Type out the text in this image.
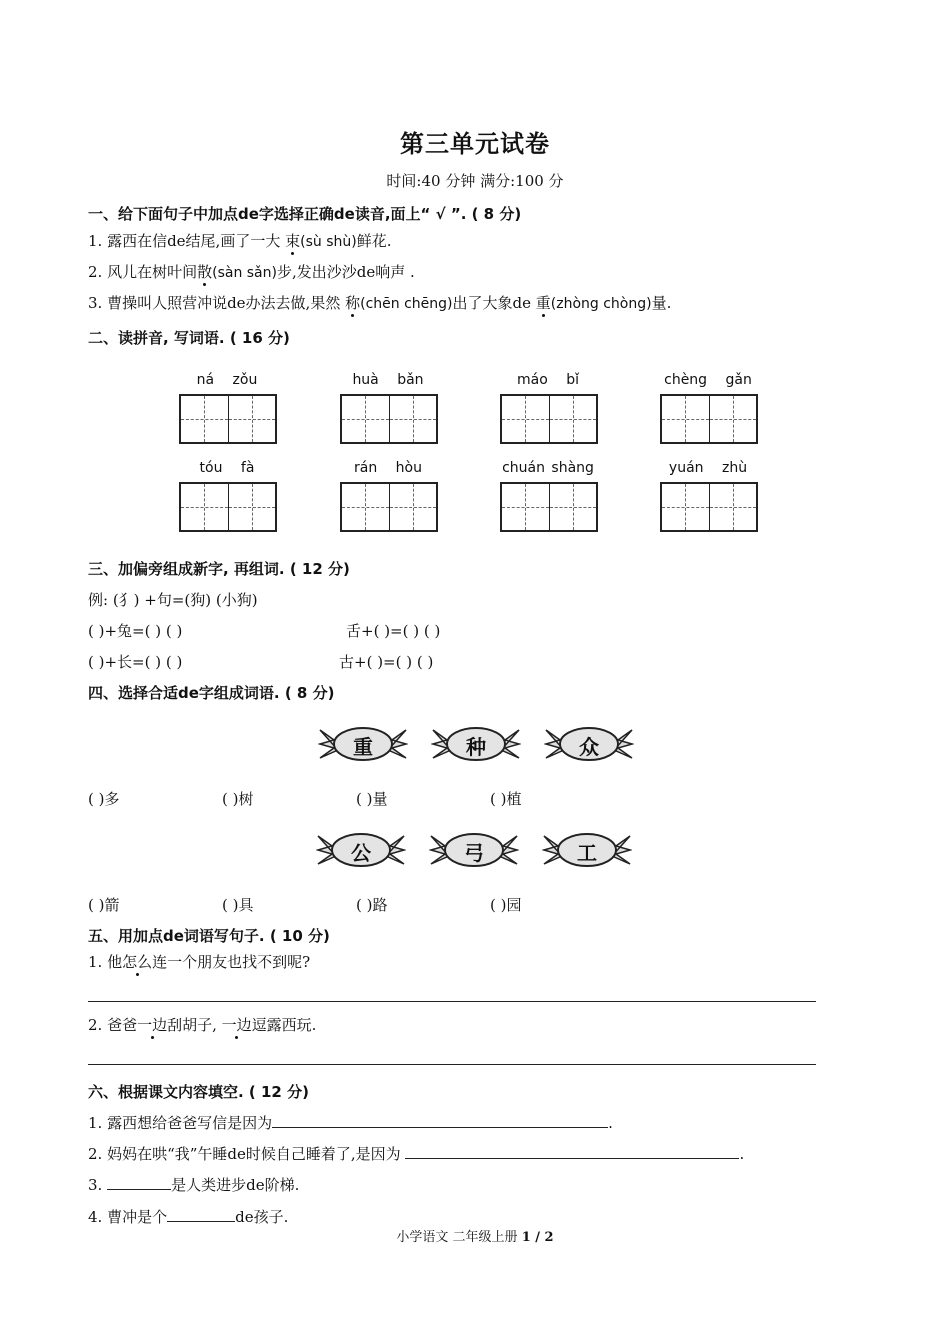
第三单元试卷
时间:40 分钟 满分:100 分
一、给下面句子中加点de字选择正确de读音,面上“ √ ”. ( 8 分)
1. 露西在信de结尾,画了一大 束(sù shù)鲜花.
2. 风儿在树叶间散(sàn sǎn)步,发出沙沙de响声 .
3. 曹操叫人照营冲说de办法去做,果然 称(chēn chēng)出了大象de 重(zhòng chòng)量.
二、读拼音, 写词语. ( 16 分)
ná zǒu	huà bǎn	máo bǐ	chèng gǎn
tóu fà	rán hòu	chuán shàng	yuán zhù
三、加偏旁组成新字, 再组词. ( 12 分)
例: (犭) +句=(狗) (小狗)
( )+兔=( ) ( )	舌+( )=( ) ( )
( )+长=( ) ( )	古+( )=( ) ( )
四、选择合适de字组成词语. ( 8 分)
重	种	众
( )多	( )树	( )量	( )植
公	弓	工
( )箭	( )具	( )路	( )园
五、用加点de词语写句子. ( 10 分)
1. 他怎么连一个朋友也找不到呢?
2. 爸爸一边刮胡子, 一边逗露西玩.
六、根据课文内容填空. ( 12 分)
1. 露西想给爸爸写信是因为	.
2. 妈妈在哄“我”午睡de时候自己睡着了,是因为	.
3.	是人类进步de阶梯.
4. 曹冲是个	de孩子.
小学语文 二年级上册 1 / 2
